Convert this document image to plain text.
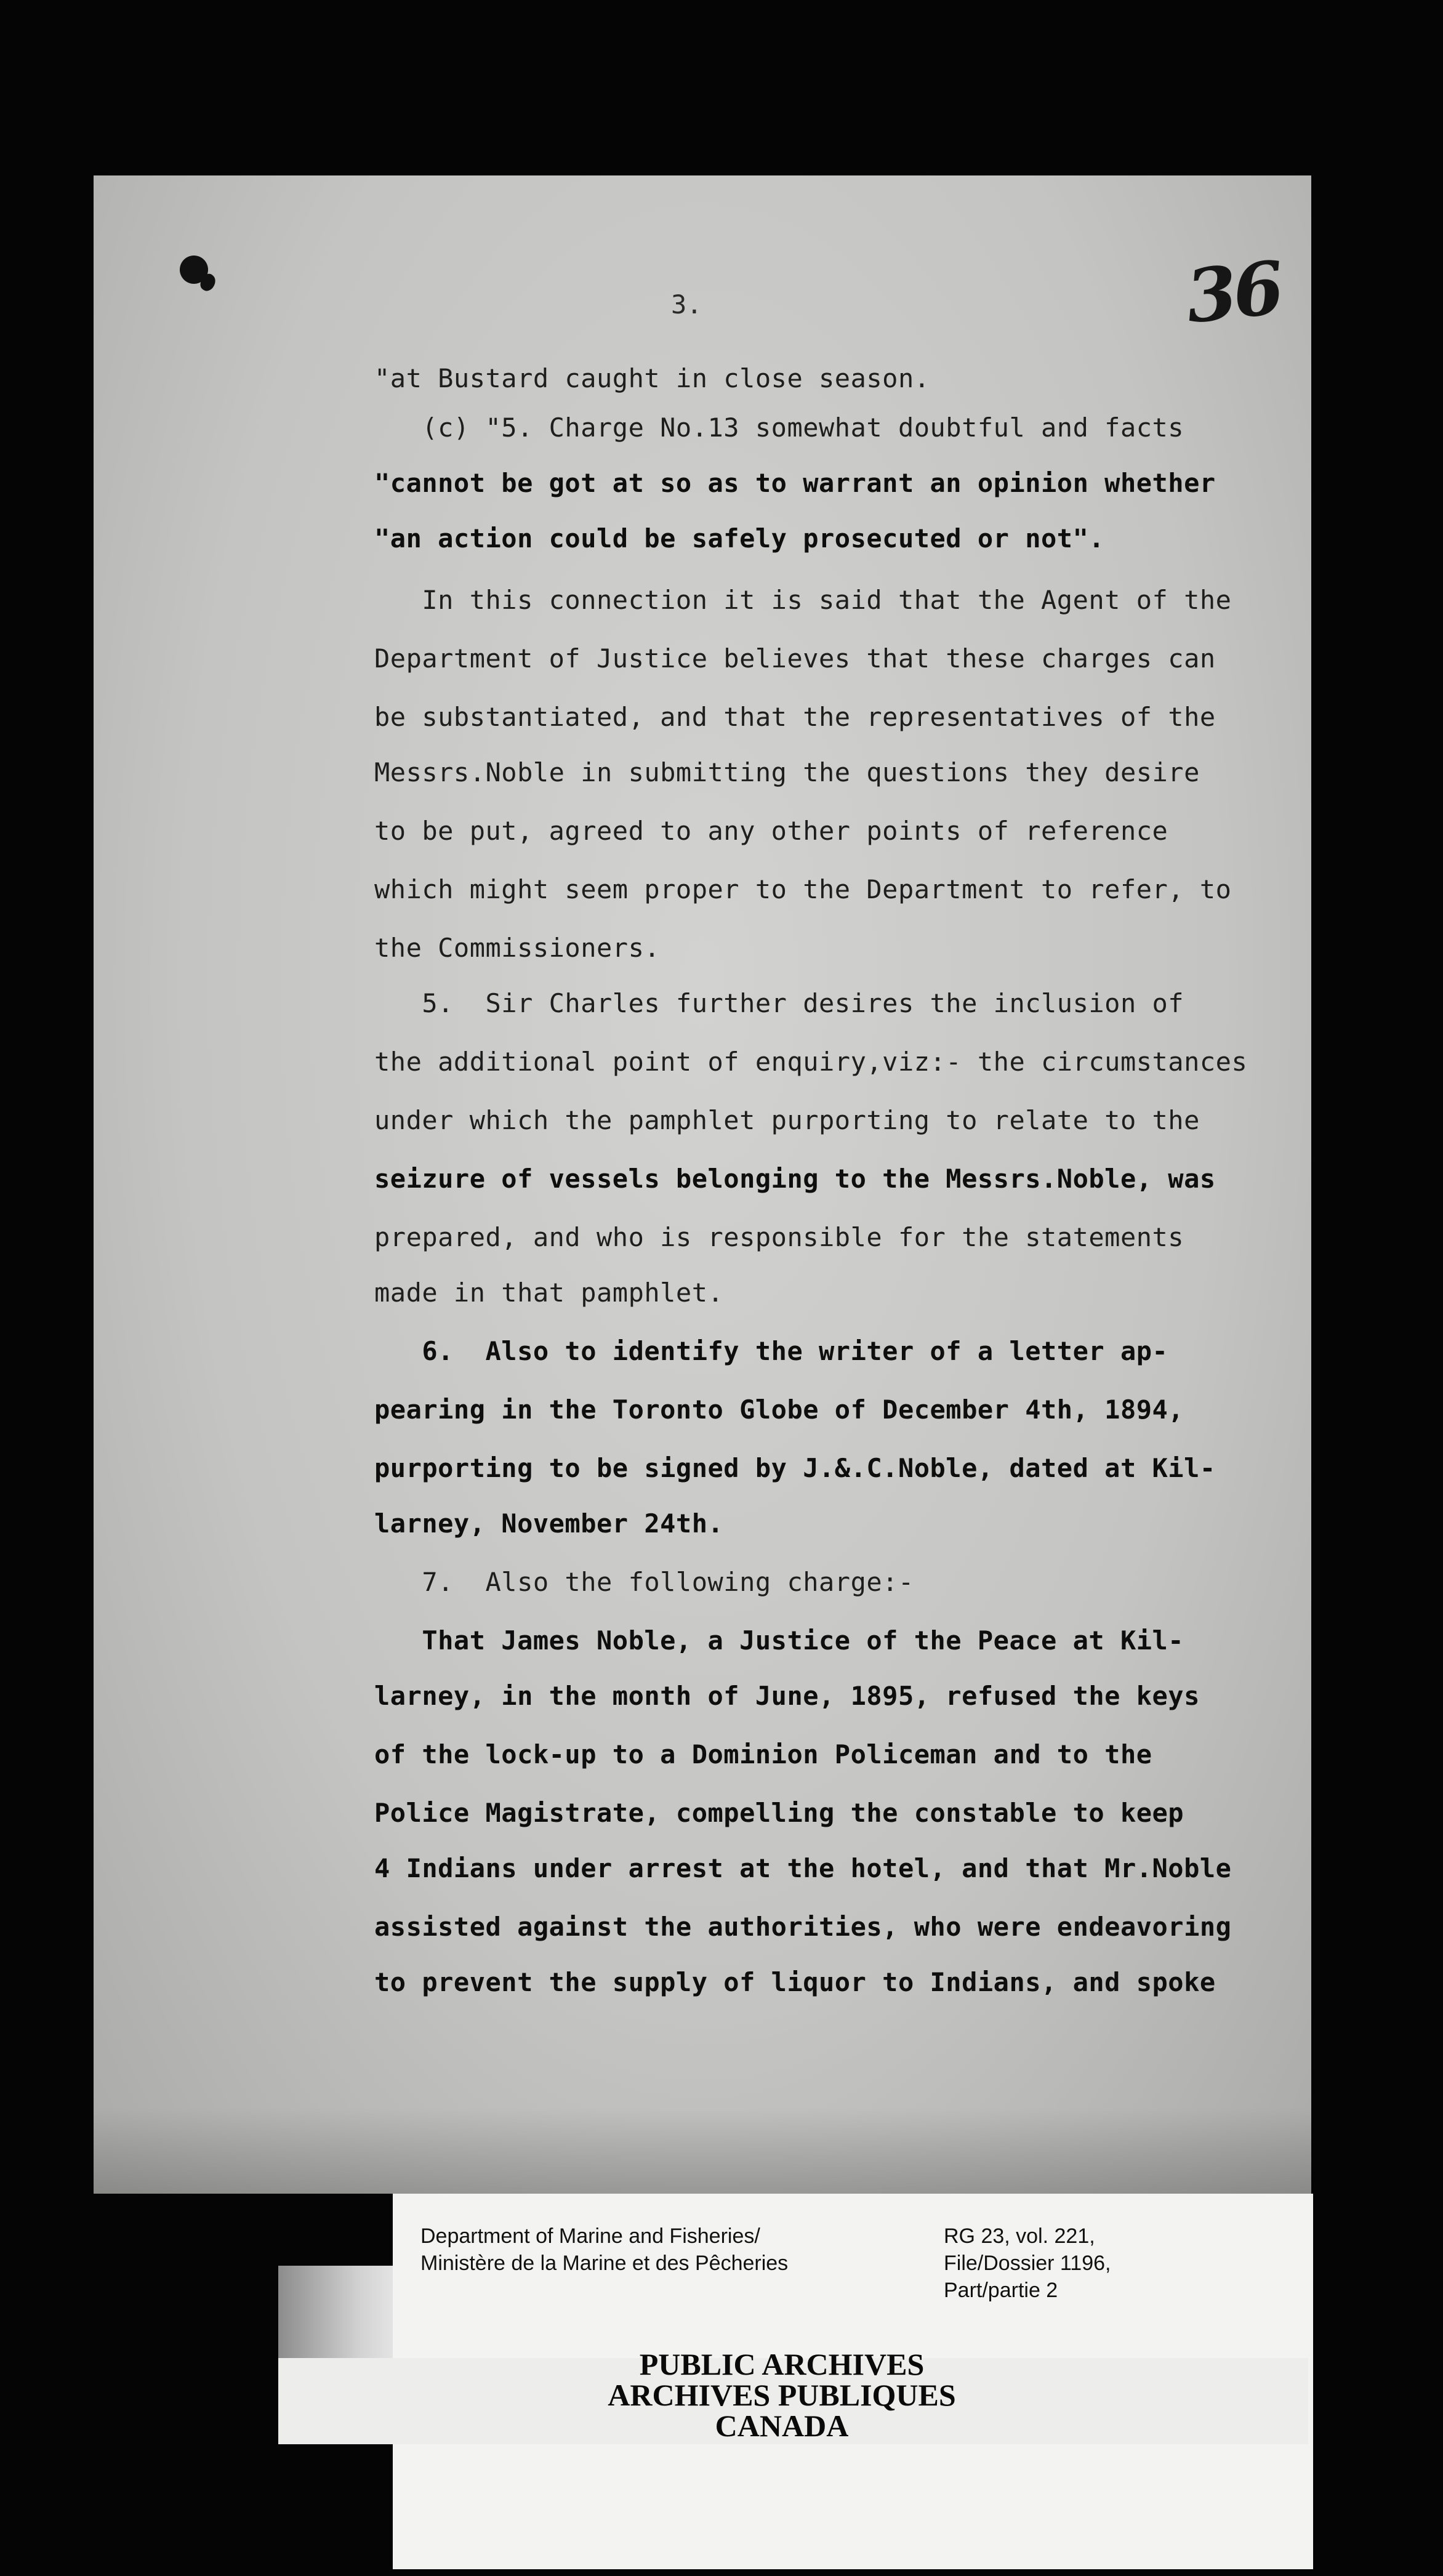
3.	36
"at Bustard caught in close season.
(c) "5. Charge No.13 somewhat doubtful and facts
"cannot be got at so as to warrant an opinion whether
"an action could be safely prosecuted or not".
In this connection it is said that the Agent of the
Department of Justice believes that these charges can
be substantiated, and that the representatives of the
Messrs.Noble in submitting the questions they desire
to be put, agreed to any other points of reference
which might seem proper to the Department to refer, to
the Commissioners.
5.  Sir Charles further desires the inclusion of
the additional point of enquiry,viz:- the circumstances
under which the pamphlet purporting to relate to the
seizure of vessels belonging to the Messrs.Noble, was
prepared, and who is responsible for the statements
made in that pamphlet.
6.  Also to identify the writer of a letter ap-
pearing in the Toronto Globe of December 4th, 1894,
purporting to be signed by J.&.C.Noble, dated at Kil-
larney, November 24th.
7.  Also the following charge:-
That James Noble, a Justice of the Peace at Kil-
larney, in the month of June, 1895, refused the keys
of the lock-up to a Dominion Policeman and to the
Police Magistrate, compelling the constable to keep
4 Indians under arrest at the hotel, and that Mr.Noble
assisted against the authorities, who were endeavoring
to prevent the supply of liquor to Indians, and spoke
Department of Marine and Fisheries/
Ministère de la Marine et des Pêcheries
RG 23, vol. 221,
File/Dossier 1196,
Part/partie 2
PUBLIC ARCHIVES
ARCHIVES PUBLIQUES
CANADA
